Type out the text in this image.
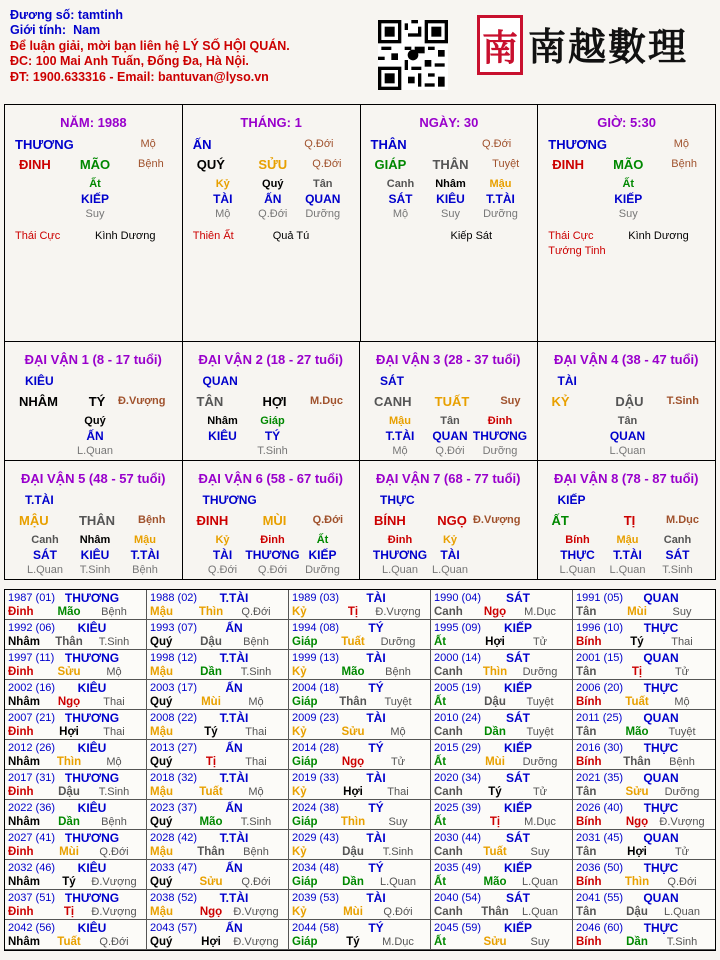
Đương số: tamtinh
Giới tính: Nam
Để luận giải, mời bạn liên hệ LÝ SỐ HỘI QUÁN.
ĐC: 100 Mai Anh Tuấn, Đống Đa, Hà Nội.
ĐT: 1900.633316 - Email: bantuvan@lyso.vn
南 南越數理
NĂM: 1988
THƯƠNG	Mộ
ĐINH	MÃO	Bệnh
Ất
KIẾP
Suy
Thái Cực	Kình Dương
THÁNG: 1
ẤN	Q.Đới
QUÝ	SỬU	Q.Đới
Kỷ
TÀI
Mộ
Quý
ẤN
Q.Đới
Tân
QUAN
Dưỡng
Thiên Ất	Quả Tú
NGÀY: 30
THÂN	Q.Đới
GIÁP THÂN Tuyệt
Canh
SÁT
Mộ
Nhâm
KIÊU
Suy
Mậu
T.TÀI
Dưỡng
Kiếp Sát
GIỜ: 5:30
THƯƠNG	Mộ
ĐINH	MÃO	Bệnh
Ất
KIẾP
Suy
Thái Cực	Kình Dương
Tướng Tinh
ĐẠI VẬN 1 (8 - 17 tuổi)
KIÊU
NHÂM	TÝ	Đ.Vượng
Quý
ẤN
L.Quan
ĐẠI VẬN 2 (18 - 27 tuổi)
QUAN
TÂN	HỢI	M.Dục
Nhâm
KIÊU
Giáp
TÝ
T.Sinh
ĐẠI VẬN 3 (28 - 37 tuổi)
SÁT
CANH TUẤT	Suy
Mậu
T.TÀI
Mộ
Tân
QUAN
Q.Đới
Đinh
THƯƠNG
Dưỡng
ĐẠI VẬN 4 (38 - 47 tuổi)
TÀI
KỶ	DẬU	T.Sinh
Tân
QUAN
L.Quan
ĐẠI VẬN 5 (48 - 57 tuổi)
T.TÀI
MẬU THÂN Bệnh
Canh
SÁT
L.Quan
Nhâm
KIÊU
T.Sinh
Mậu
T.TÀI
Bệnh
ĐẠI VẬN 6 (58 - 67 tuổi)
THƯƠNG
ĐINH	MÙI	Q.Đới
Kỷ
TÀI
Q.Đới
Đinh
THƯƠNG
Q.Đới
Ất
KIẾP
Dưỡng
ĐẠI VẬN 7 (68 - 77 tuổi)
THỰC
BÍNH	NGỌ Đ.Vượng
Đinh
THƯƠNG
L.Quan
Kỷ
TÀI
L.Quan
ĐẠI VẬN 8 (78 - 87 tuổi)
KIẾP
ẤT	TỊ	M.Dục
Bính
THỰC
L.Quan
Mậu
T.TÀI
L.Quan
Canh
SÁT
T.Sinh
1987 (01) THƯƠNG
Đinh	Mão	Bệnh
1988 (02)	T.TÀI
Mậu	Thìn	Q.Đới
1989 (03)	TÀI
Kỷ	Tị	Đ.Vượng
1990 (04)	SÁT
Canh	Ngọ	M.Dục
1991 (05)	QUAN
Tân	Mùi	Suy
1992 (06)	KIÊU
Nhâm	Thân	T.Sinh
1993 (07)	ẤN
Quý	Dậu	Bệnh
1994 (08)	TÝ
Giáp	Tuất	Dưỡng
1995 (09)	KIẾP
Ất	Hợi	Tử
1996 (10)	THỰC
Bính	Tý	Thai
1997 (11) THƯƠNG
Đinh	Sửu	Mộ
1998 (12)	T.TÀI
Mậu	Dần	T.Sinh
1999 (13)	TÀI
Kỷ	Mão	Bệnh
2000 (14)	SÁT
Canh	Thìn	Dưỡng
2001 (15)	QUAN
Tân	Tị	Tử
2002 (16)	KIÊU
Nhâm	Ngọ	Thai
2003 (17)	ẤN
Quý	Mùi	Mộ
2004 (18)	TÝ
Giáp	Thân	Tuyệt
2005 (19)	KIẾP
Ất	Dậu	Tuyệt
2006 (20)	THỰC
Bính	Tuất	Mộ
2007 (21) THƯƠNG
Đinh	Hợi	Thai
2008 (22)	T.TÀI
Mậu	Tý	Thai
2009 (23)	TÀI
Kỷ	Sửu	Mộ
2010 (24)	SÁT
Canh	Dần	Tuyệt
2011 (25)	QUAN
Tân	Mão	Tuyệt
2012 (26)	KIÊU
Nhâm	Thìn	Mộ
2013 (27)	ẤN
Quý	Tị	Thai
2014 (28)	TÝ
Giáp	Ngọ	Tử
2015 (29)	KIẾP
Ất	Mùi	Dưỡng
2016 (30)	THỰC
Bính	Thân	Bệnh
2017 (31) THƯƠNG
Đinh	Dậu	T.Sinh
2018 (32)	T.TÀI
Mậu	Tuất	Mộ
2019 (33)	TÀI
Kỷ	Hợi	Thai
2020 (34)	SÁT
Canh	Tý	Tử
2021 (35)	QUAN
Tân	Sửu	Dưỡng
2022 (36)	KIÊU
Nhâm	Dần	Bệnh
2023 (37)	ẤN
Quý	Mão	T.Sinh
2024 (38)	TÝ
Giáp	Thìn	Suy
2025 (39)	KIẾP
Ất	Tị	M.Dục
2026 (40)	THỰC
Bính	Ngọ	Đ.Vượng
2027 (41) THƯƠNG
Đinh	Mùi	Q.Đới
2028 (42)	T.TÀI
Mậu	Thân	Bệnh
2029 (43)	TÀI
Kỷ	Dậu	T.Sinh
2030 (44)	SÁT
Canh	Tuất	Suy
2031 (45)	QUAN
Tân	Hợi	Tử
2032 (46)	KIÊU
Nhâm	Tý	Đ.Vượng
2033 (47)	ẤN
Quý	Sửu	Q.Đới
2034 (48)	TÝ
Giáp	Dần	L.Quan
2035 (49)	KIẾP
Ất	Mão	L.Quan
2036 (50)	THỰC
Bính	Thìn	Q.Đới
2037 (51) THƯƠNG
Đinh	Tị	Đ.Vượng
2038 (52)	T.TÀI
Mậu	Ngọ	Đ.Vượng
2039 (53)	TÀI
Kỷ	Mùi	Q.Đới
2040 (54)	SÁT
Canh	Thân	L.Quan
2041 (55)	QUAN
Tân	Dậu	L.Quan
2042 (56)	KIÊU
Nhâm	Tuất	Q.Đới
2043 (57)	ẤN
Quý	Hợi	Đ.Vượng
2044 (58)	TÝ
Giáp	Tý	M.Dục
2045 (59)	KIẾP
Ất	Sửu	Suy
2046 (60)	THỰC
Bính	Dần	T.Sinh
